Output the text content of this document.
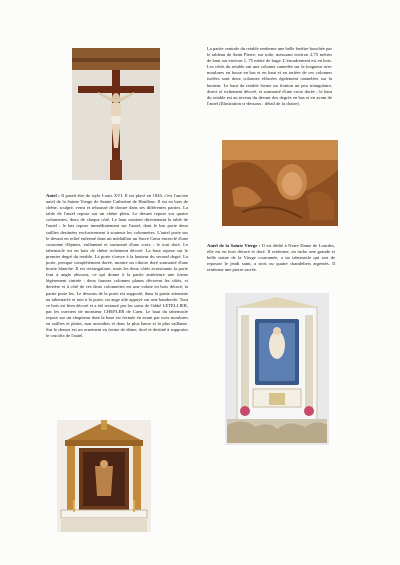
La partie centrale du retable renferme une belle fenêtre bouchée par le tableau de Saint Pierre, sur toile, mesurant environ 2,75 mètres de haut sur environ 1, 75 mètre de large. L'encadrement est en bois. Les côtés du retable ont une colonne cannelée sur la longueur avec moulures en bosse en bas et en haut et en arrière de ces colonnes isolées sont deux colonnes effacées également cannelées sur la hauteur. Le haut du retable forme un fronton un peu triangulaire, direct et richement décoré, et surmonté d'une croix dorée ; le haut du retable est au niveau du devant des degrés en bas et en avant de l'autel (Illustration ci-dessous : détail de la chaire).

Autel : Il paraît être de style Louis XVI. Il est placé en 1826, c'est l'ancien autel de la Sainte Vierge de Sainte Catherine de Honfleur. Il est en bois de chêne, sculpté, verni et rehaussé de dorure dans ses différentes parties. La table de l'autel repose sur un chêne plein. Le devant repose sur quatre colonnettes, deux de chaque côté. Le haut soutient directement la table de l'autel ; le bas repose immédiatement sur l'autel, dont le bas porte deux saillies destinées exclusivement à soutenir les colonnettes. L'autel porte sur le devant en relief enfermé dans un médaillon un Sacré Cœur encerclé d'une couronne d'épines, enflammé et surmonté d'une croix : le tout doré. Le tabernacle est en bois de chêne richement décoré. La base repose sur le premier degré du retable. La porte s'ouvre à la hauteur du second degré. La porte, presque complètement dorée, montre un ciboire doré surmonté d'une hostie blanche. Il est rectangulaire, mais les deux côtés avoisinants la porte font à angle abscons, ce qui donne à la partie antérieure une forme légèrement cintrée : deux fausses colonnes planes décorent les côtés, et derrière et à côté de ces deux colonnettes est une volute en bois décoré, la partie porte les. Le dessous de la porte est supporté, dans la partie attenante au tabernacle et non à la porte, un ange aile appuyé sur une banderole. Tout ce bois est bien décoré et a été restauré par les soins de l'abbé LETELLIER, par les ouvriers de monsieur CHEFLER de Caen. Le haut du tabernacle repose sur un chapiteau dont la base est formée en avant par trois moulures en saillies et plates, non arrondies et donc la plus basse et la plus saillante. Sur le dessus est un ornement en forme de dôme, doré et destiné à supporter le crucifix de l'autel.

Autel de la Sainte Vierge : Il est dédié à Notre Dame de Lourdes, elle est en bois décoré et doré. Il renferme, en niche une grande et belle statue de la Vierge couronnée, a un tabernacle qui sert de reposoir le jeudi saint, a trois ou quatre chandeliers argentés. Il renferme une pierre sacrée.
